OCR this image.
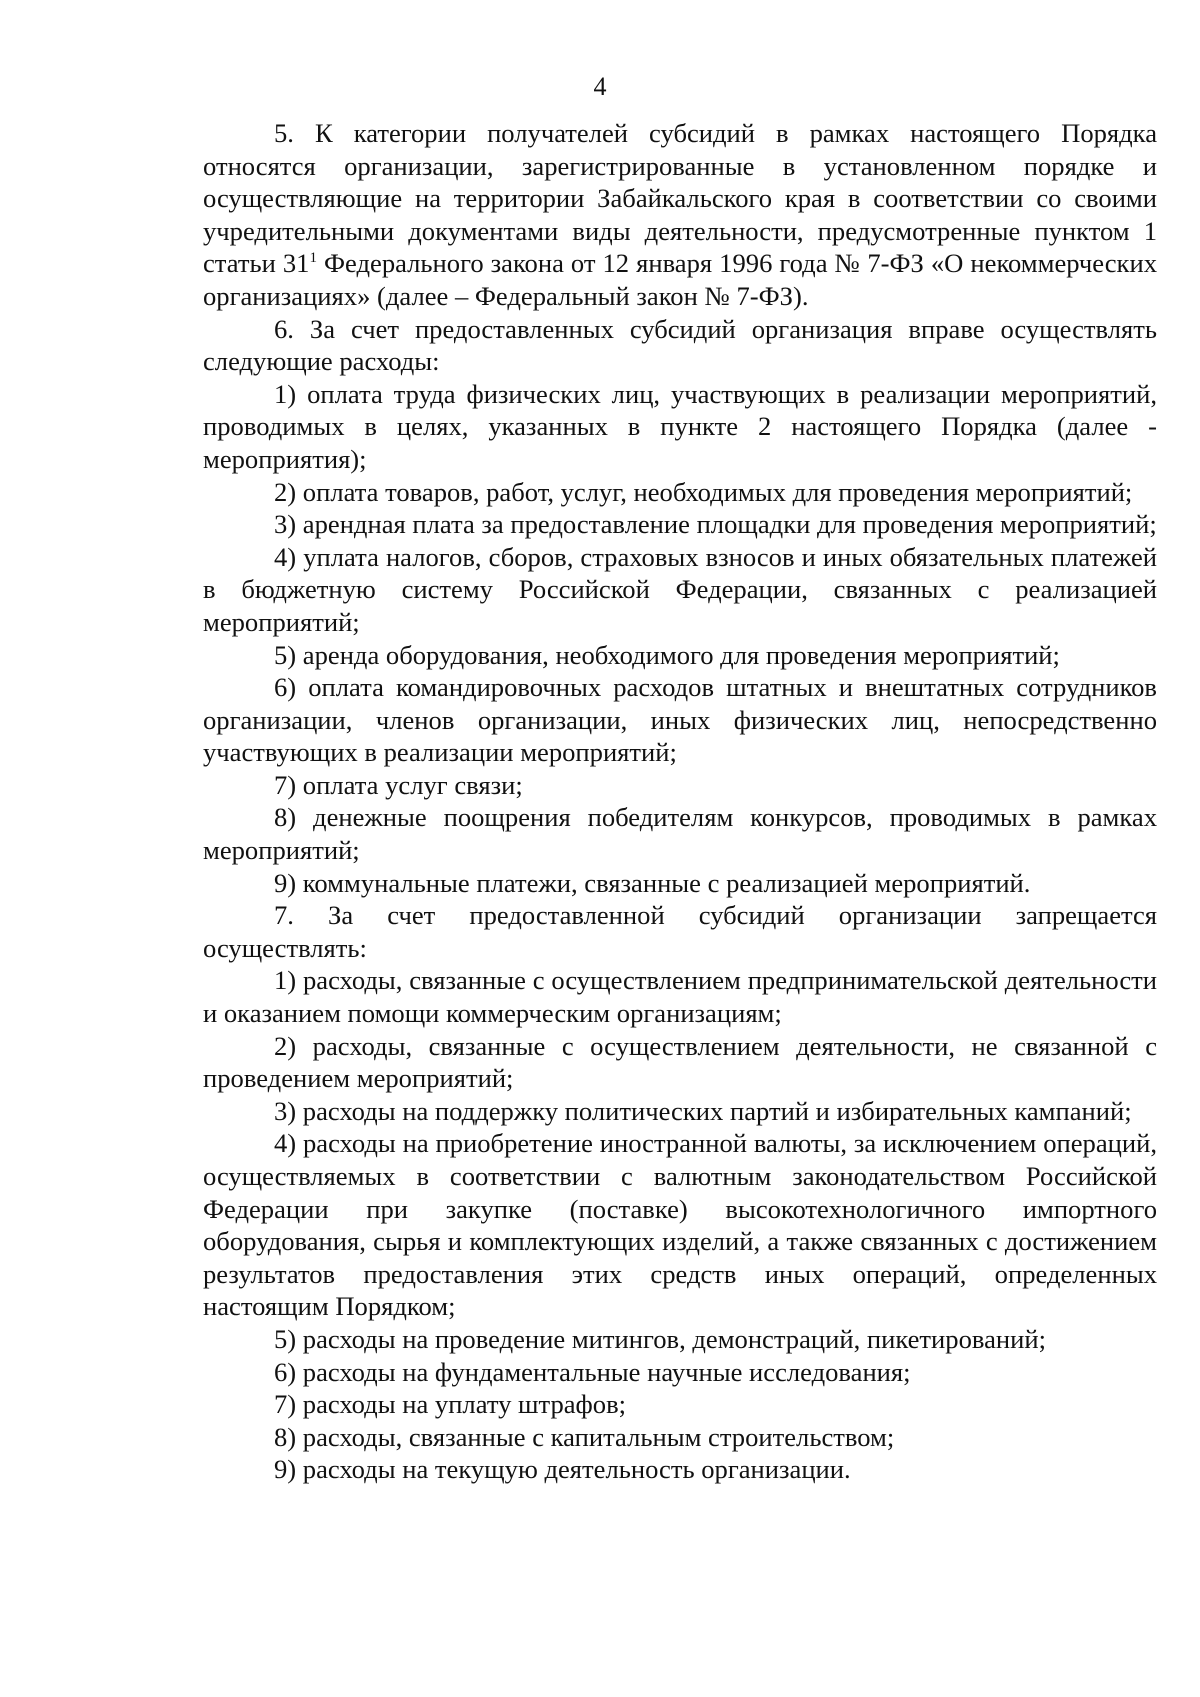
4

5. К категории получателей субсидий в рамках настоящего Порядка относятся организации, зарегистрированные в установленном порядке и осуществляющие на территории Забайкальского края в соответствии со своими учредительными документами виды деятельности, предусмотренные пунктом 1 статьи $31^1$ Федерального закона от 12 января 1996 года № 7-ФЗ «О некоммерческих организациях» (далее – Федеральный закон № 7-ФЗ).

6. За счет предоставленных субсидий организация вправе осуществлять следующие расходы:

1) оплата труда физических лиц, участвующих в реализации мероприятий, проводимых в целях, указанных в пункте 2 настоящего Порядка (далее - мероприятия);

2) оплата товаров, работ, услуг, необходимых для проведения мероприятий;

3) арендная плата за предоставление площадки для проведения мероприятий;

4) уплата налогов, сборов, страховых взносов и иных обязательных платежей в бюджетную систему Российской Федерации, связанных с реализацией мероприятий;

5) аренда оборудования, необходимого для проведения мероприятий;

6) оплата командировочных расходов штатных и внештатных сотрудников организации, членов организации, иных физических лиц, непосредственно участвующих в реализации мероприятий;

7) оплата услуг связи;

8) денежные поощрения победителям конкурсов, проводимых в рамках мероприятий;

9) коммунальные платежи, связанные с реализацией мероприятий.

7. За счет предоставленной субсидий организации запрещается осуществлять:

1) расходы, связанные с осуществлением предпринимательской деятельности и оказанием помощи коммерческим организациям;

2) расходы, связанные с осуществлением деятельности, не связанной с проведением мероприятий;

3) расходы на поддержку политических партий и избирательных кампаний;

4) расходы на приобретение иностранной валюты, за исключением операций, осуществляемых в соответствии с валютным законодательством Российской Федерации при закупке (поставке) высокотехнологичного импортного оборудования, сырья и комплектующих изделий, а также связанных с достижением результатов предоставления этих средств иных операций, определенных настоящим Порядком;

5) расходы на проведение митингов, демонстраций, пикетирований;

6) расходы на фундаментальные научные исследования;

7) расходы на уплату штрафов;

8) расходы, связанные с капитальным строительством;

9) расходы на текущую деятельность организации.
